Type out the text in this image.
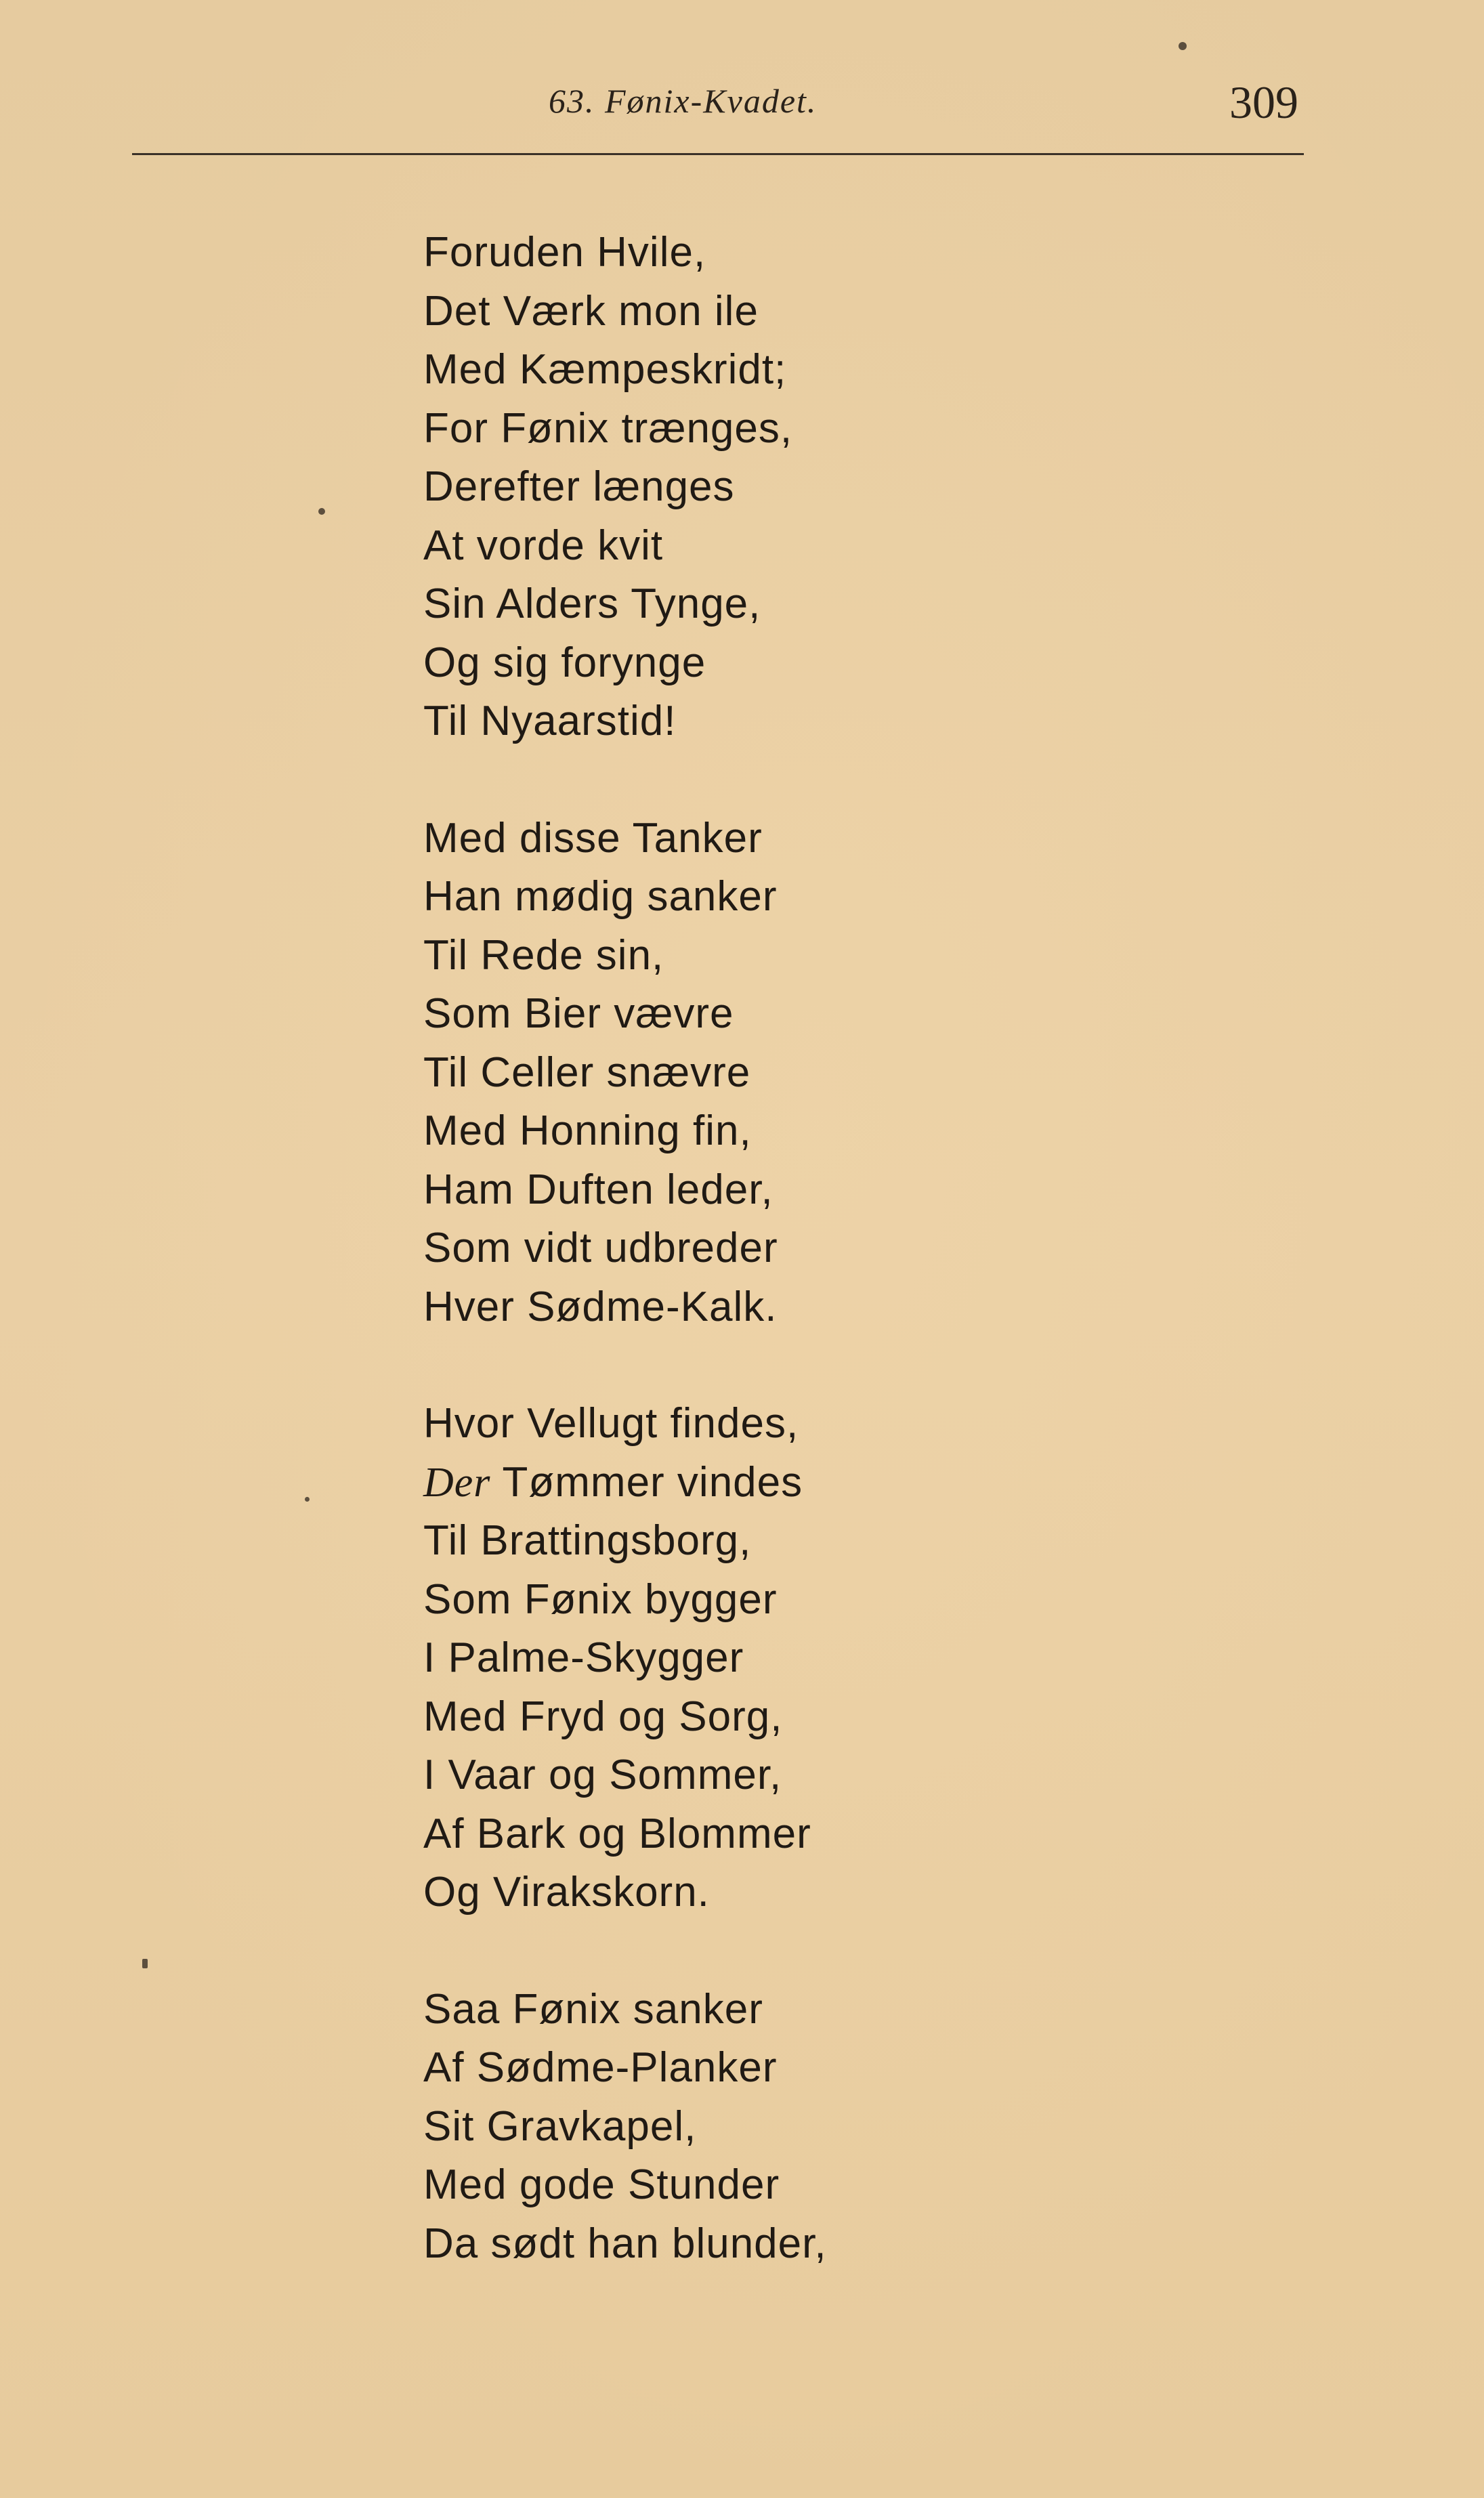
63. Fønix-Kvadet.	309
Foruden Hvile,
Det Værk mon ile
Med Kæmpeskridt;
For Fønix trænges,
Derefter længes
At vorde kvit
Sin Alders Tynge,
Og sig forynge
Til Nyaarstid!
Med disse Tanker
Han mødig sanker
Til Rede sin,
Som Bier vævre
Til Celler snævre
Med Honning fin,
Ham Duften leder,
Som vidt udbreder
Hver Sødme-Kalk.
Hvor Vellugt findes,
Der Tømmer vindes
Til Brattingsborg,
Som Fønix bygger
I Palme-Skygger
Med Fryd og Sorg,
I Vaar og Sommer,
Af Bark og Blommer
Og Virakskorn.
Saa Fønix sanker
Af Sødme-Planker
Sit Gravkapel,
Med gode Stunder
Da sødt han blunder,
